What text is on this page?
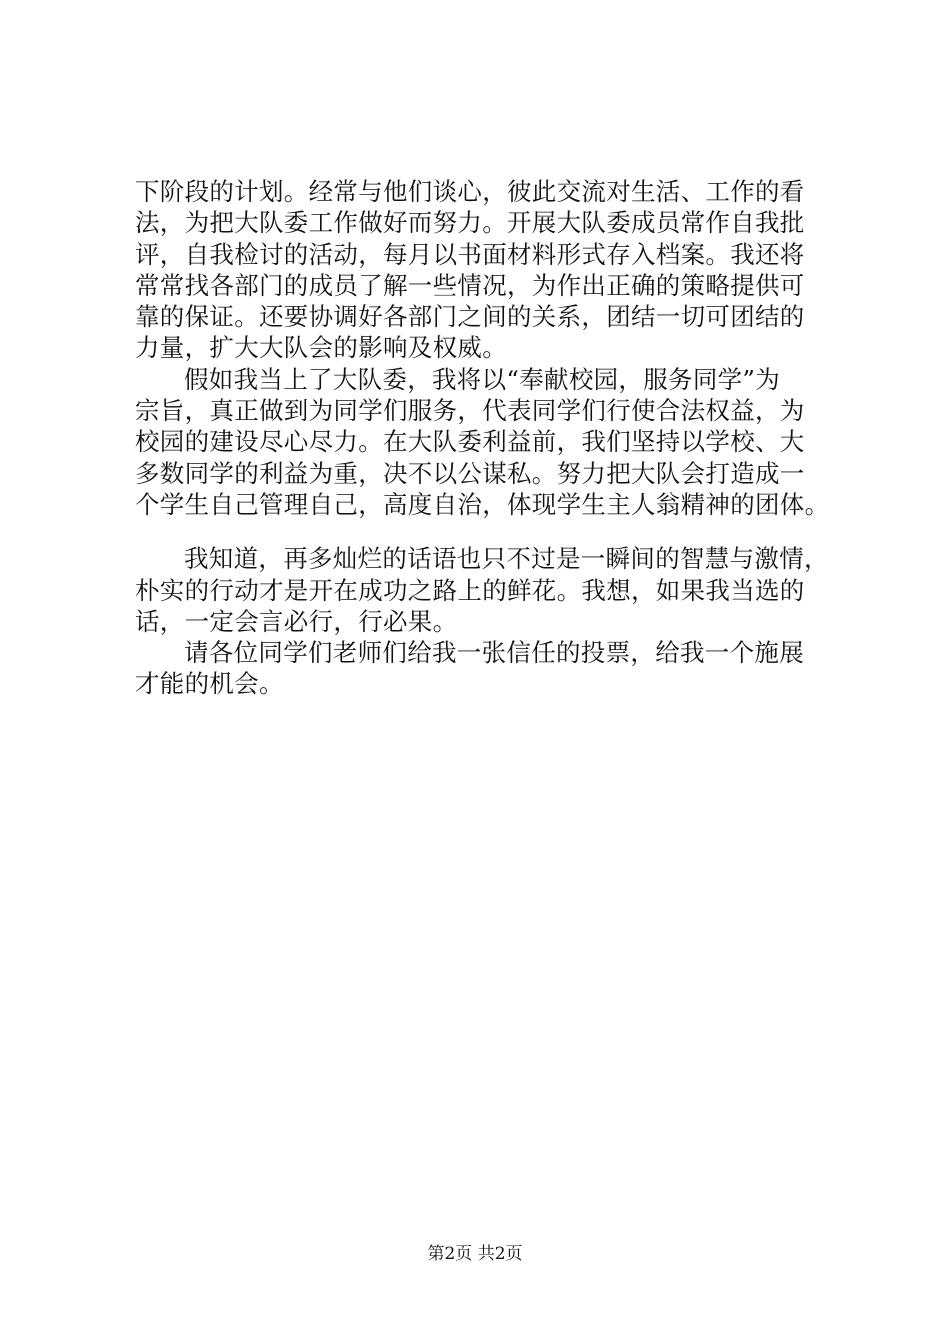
下阶段的计划。经常与他们谈心，彼此交流对生活、工作的看
法，为把大队委工作做好而努力。开展大队委成员常作自我批
评，自我检讨的活动，每月以书面材料形式存入档案。我还将
常常找各部门的成员了解一些情况，为作出正确的策略提供可
靠的保证。还要协调好各部门之间的关系，团结一切可团结的
力量，扩大大队会的影响及权威。
假如我当上了大队委，我将以“奉献校园，服务同学”为
宗旨，真正做到为同学们服务，代表同学们行使合法权益，为
校园的建设尽心尽力。在大队委利益前，我们坚持以学校、大
多数同学的利益为重，决不以公谋私。努力把大队会打造成一
个学生自己管理自己，高度自治，体现学生主人翁精神的团体。
我知道，再多灿烂的话语也只不过是一瞬间的智慧与激情，
朴实的行动才是开在成功之路上的鲜花。我想，如果我当选的
话，一定会言必行，行必果。
请各位同学们老师们给我一张信任的投票，给我一个施展
才能的机会。
第2页 共2页
